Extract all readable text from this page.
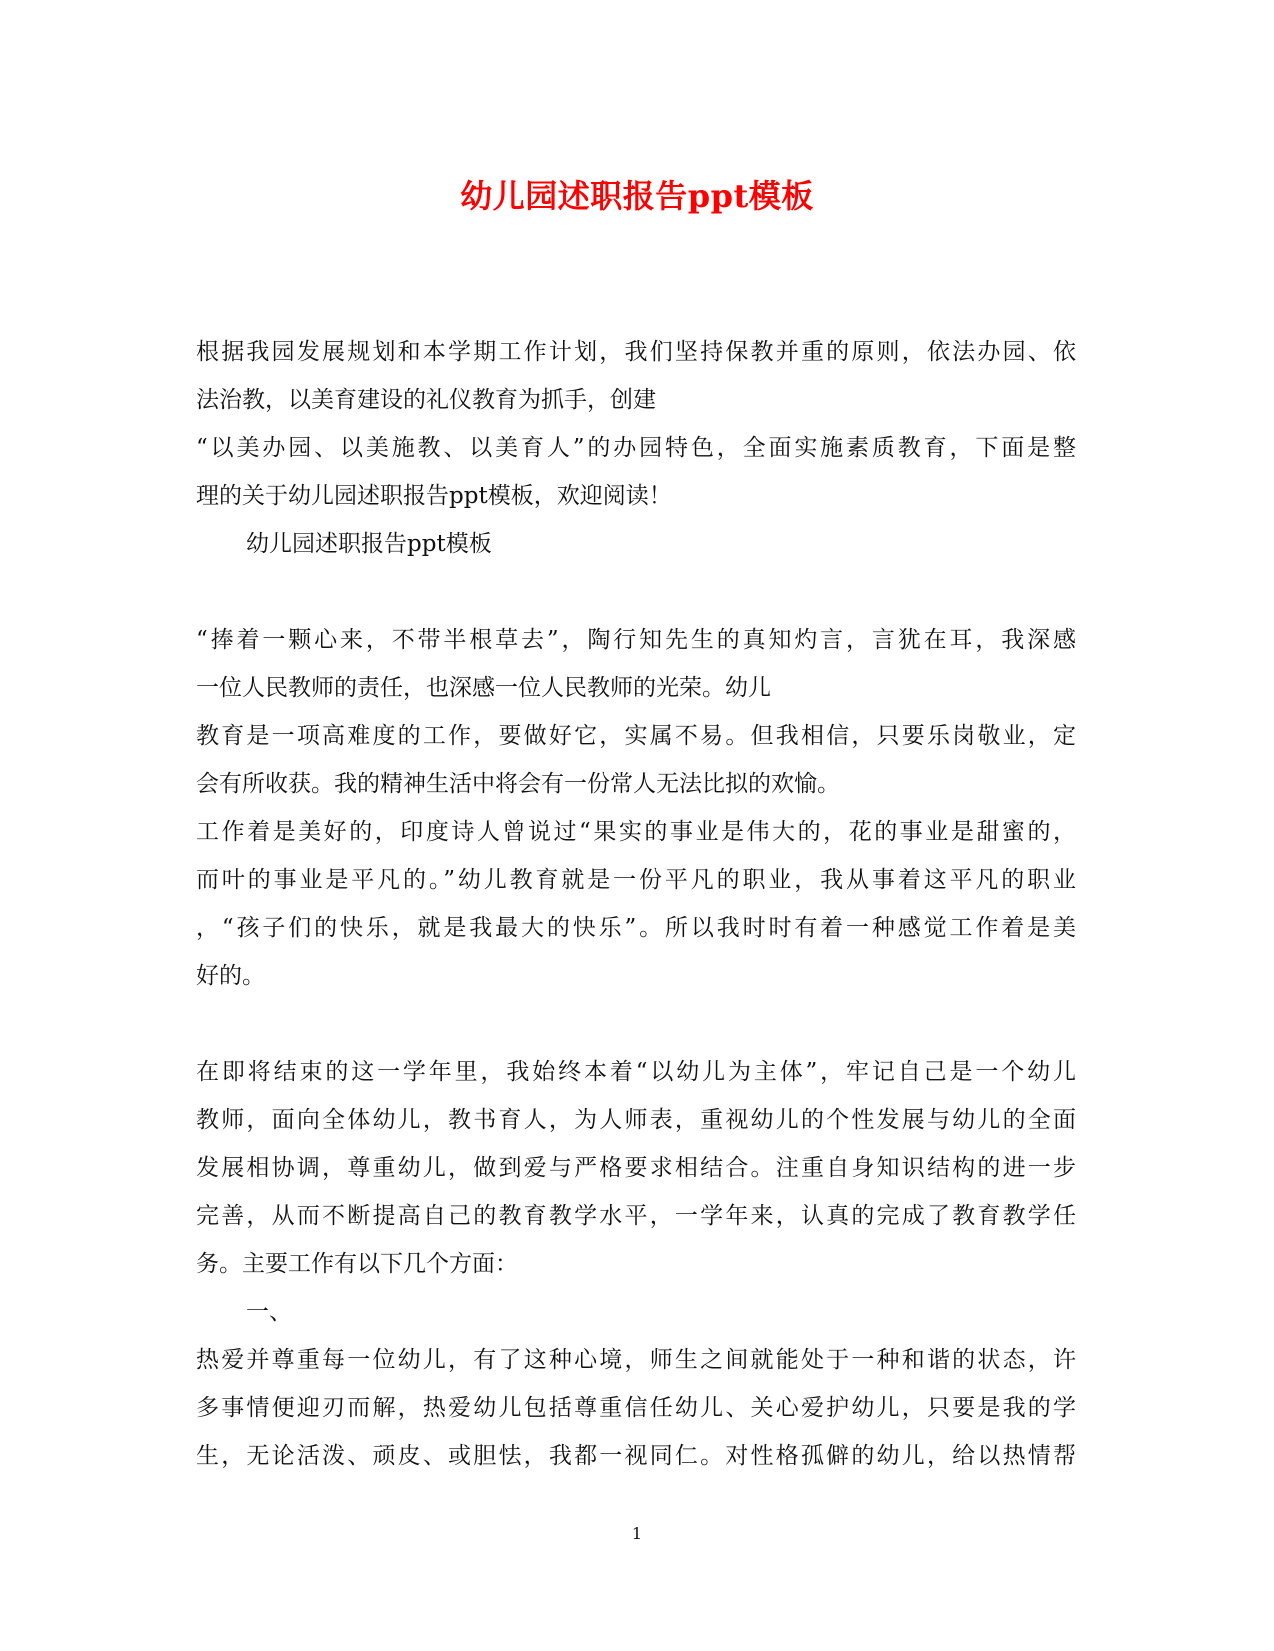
幼儿园述职报告ppt模板
根据我园发展规划和本学期工作计划，我们坚持保教并重的原则，依法办园、依
法治教，以美育建设的礼仪教育为抓手，创建
“以美办园、以美施教、以美育人”的办园特色，全面实施素质教育，下面是整
理的关于幼儿园述职报告ppt模板，欢迎阅读！
幼儿园述职报告ppt模板
“捧着一颗心来，不带半根草去”，陶行知先生的真知灼言，言犹在耳，我深感
一位人民教师的责任，也深感一位人民教师的光荣。幼儿
教育是一项高难度的工作，要做好它，实属不易。但我相信，只要乐岗敬业，定
会有所收获。我的精神生活中将会有一份常人无法比拟的欢愉。
工作着是美好的，印度诗人曾说过“果实的事业是伟大的，花的事业是甜蜜的，
而叶的事业是平凡的。”幼儿教育就是一份平凡的职业，我从事着这平凡的职业
，“孩子们的快乐，就是我最大的快乐”。所以我时时有着一种感觉工作着是美
好的。
在即将结束的这一学年里，我始终本着“以幼儿为主体”，牢记自己是一个幼儿
教师，面向全体幼儿，教书育人，为人师表，重视幼儿的个性发展与幼儿的全面
发展相协调，尊重幼儿，做到爱与严格要求相结合。注重自身知识结构的进一步
完善，从而不断提高自己的教育教学水平，一学年来，认真的完成了教育教学任
务。主要工作有以下几个方面：
一、
热爱并尊重每一位幼儿，有了这种心境，师生之间就能处于一种和谐的状态，许
多事情便迎刃而解，热爱幼儿包括尊重信任幼儿、关心爱护幼儿，只要是我的学
生，无论活泼、顽皮、或胆怯，我都一视同仁。对性格孤僻的幼儿，给以热情帮
1
